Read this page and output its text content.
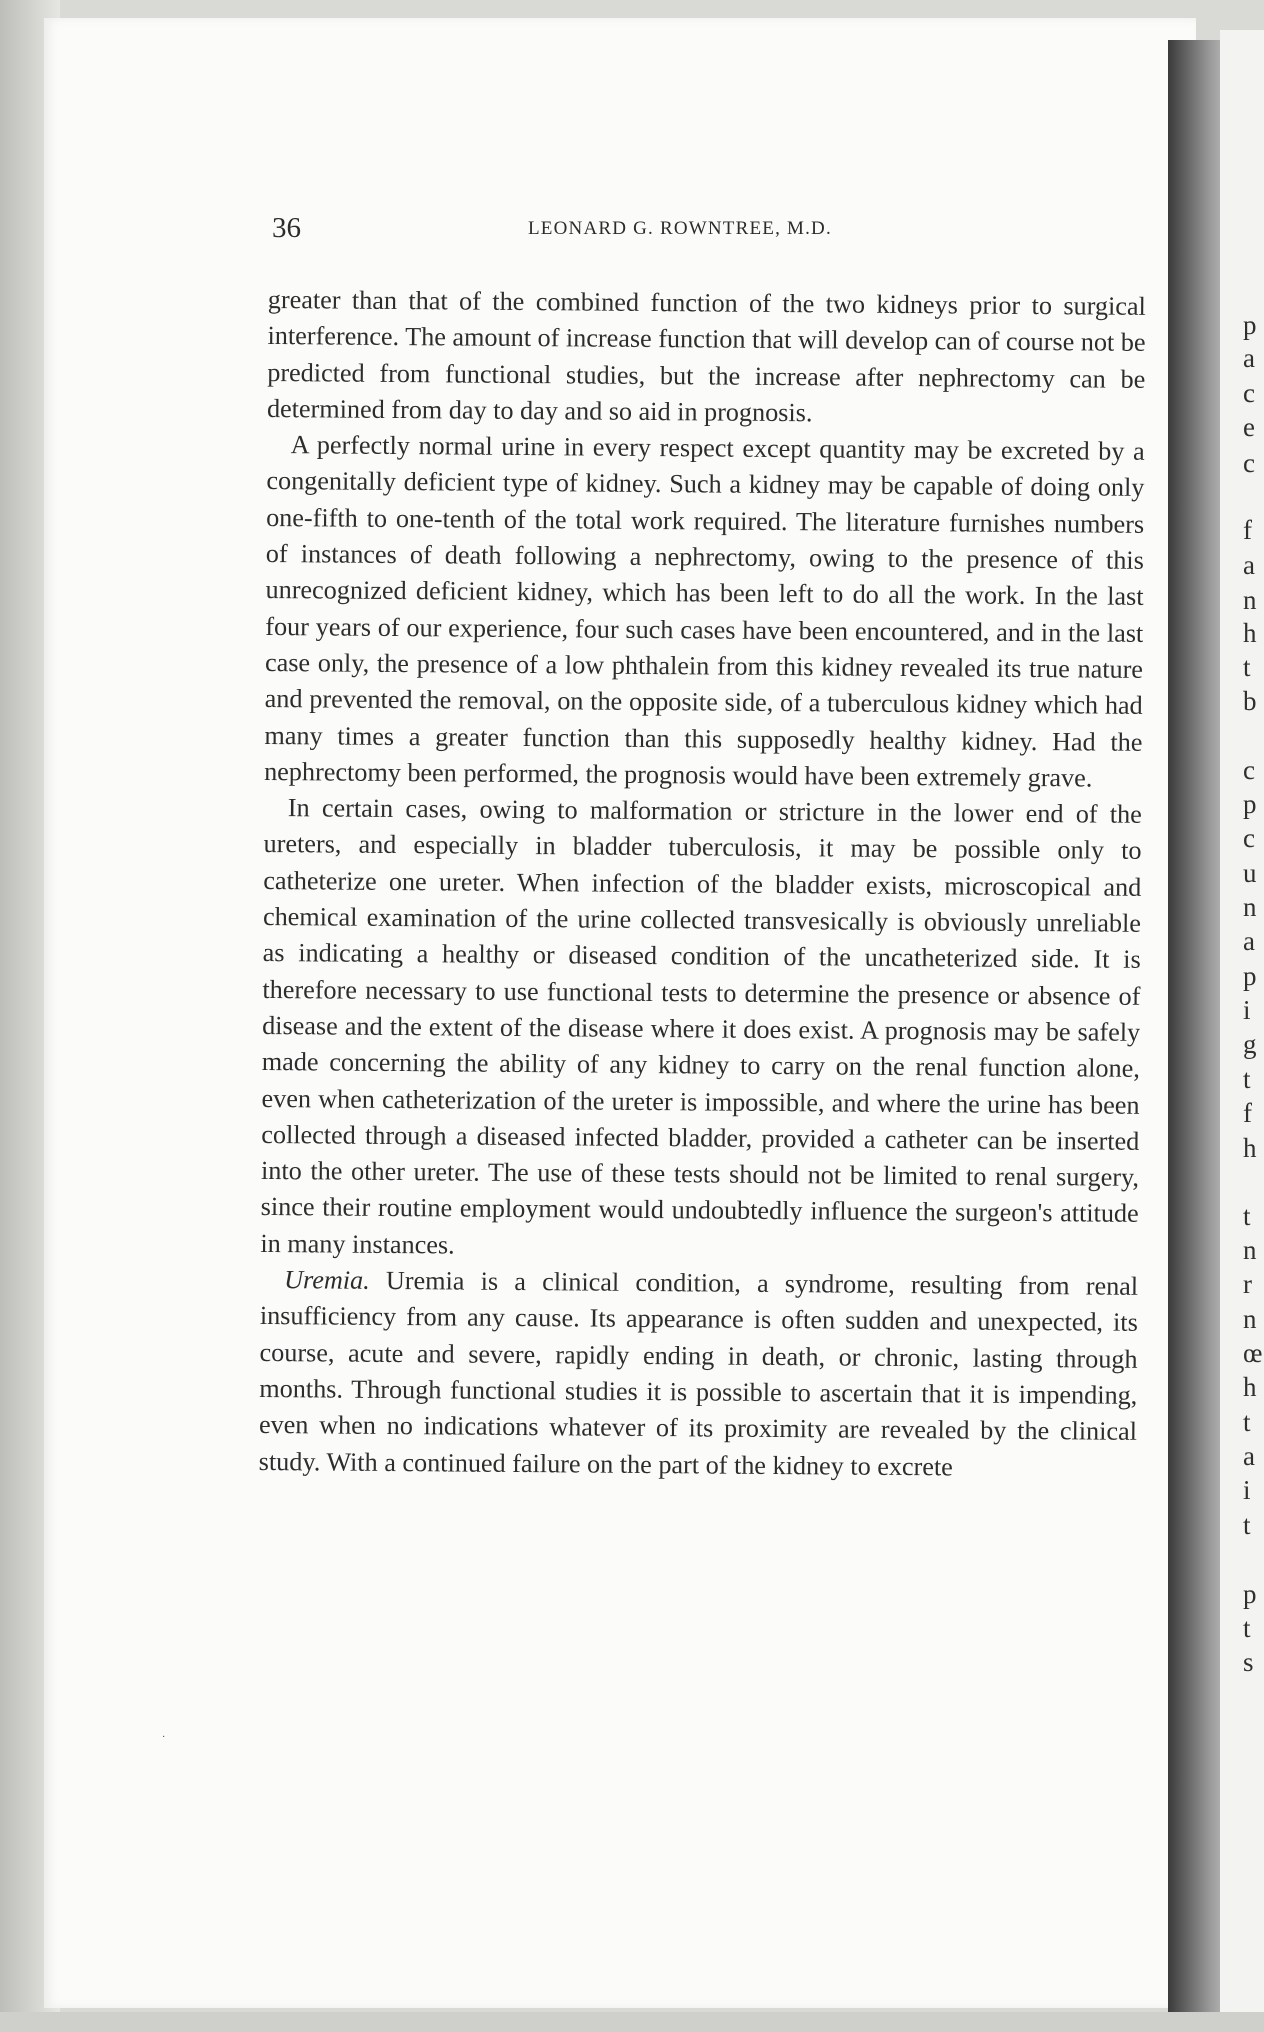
p
a
c
e
c
f
a
n
h
t
b
c
p
c
u
n
a
p
i
g
t
f
h
t
n
r
n
œ
h
t
a
i
t
p
t
s
36	LEONARD G. ROWNTREE, M.D.

greater than that of the combined function of the two kidneys prior to surgical interference. The amount of increase function that will develop can of course not be predicted from functional studies, but the increase after nephrectomy can be determined from day to day and so aid in prognosis.

A perfectly normal urine in every respect except quantity may be excreted by a congenitally deficient type of kidney. Such a kidney may be capable of doing only one-fifth to one-tenth of the total work required. The literature furnishes numbers of instances of death following a nephrectomy, owing to the presence of this unrecognized deficient kidney, which has been left to do all the work. In the last four years of our experience, four such cases have been encountered, and in the last case only, the presence of a low phthalein from this kidney revealed its true nature and prevented the removal, on the opposite side, of a tuberculous kidney which had many times a greater function than this supposedly healthy kidney. Had the nephrectomy been performed, the prognosis would have been extremely grave.

In certain cases, owing to malformation or stricture in the lower end of the ureters, and especially in bladder tuberculosis, it may be possible only to catheterize one ureter. When infection of the bladder exists, microscopical and chemical examination of the urine collected transvesically is obviously unreliable as indicating a healthy or diseased condition of the uncatheterized side. It is therefore necessary to use functional tests to determine the presence or absence of disease and the extent of the disease where it does exist. A prognosis may be safely made concerning the ability of any kidney to carry on the renal function alone, even when catheterization of the ureter is impossible, and where the urine has been collected through a diseased infected bladder, provided a catheter can be inserted into the other ureter. The use of these tests should not be limited to renal surgery, since their routine employment would undoubtedly influence the surgeon's attitude in many instances.

Uremia. Uremia is a clinical condition, a syndrome, resulting from renal insufficiency from any cause. Its appearance is often sudden and unexpected, its course, acute and severe, rapidly ending in death, or chronic, lasting through months. Through functional studies it is possible to ascertain that it is impending, even when no indications whatever of its proximity are revealed by the clinical study. With a continued failure on the part of the kidney to excrete

·
